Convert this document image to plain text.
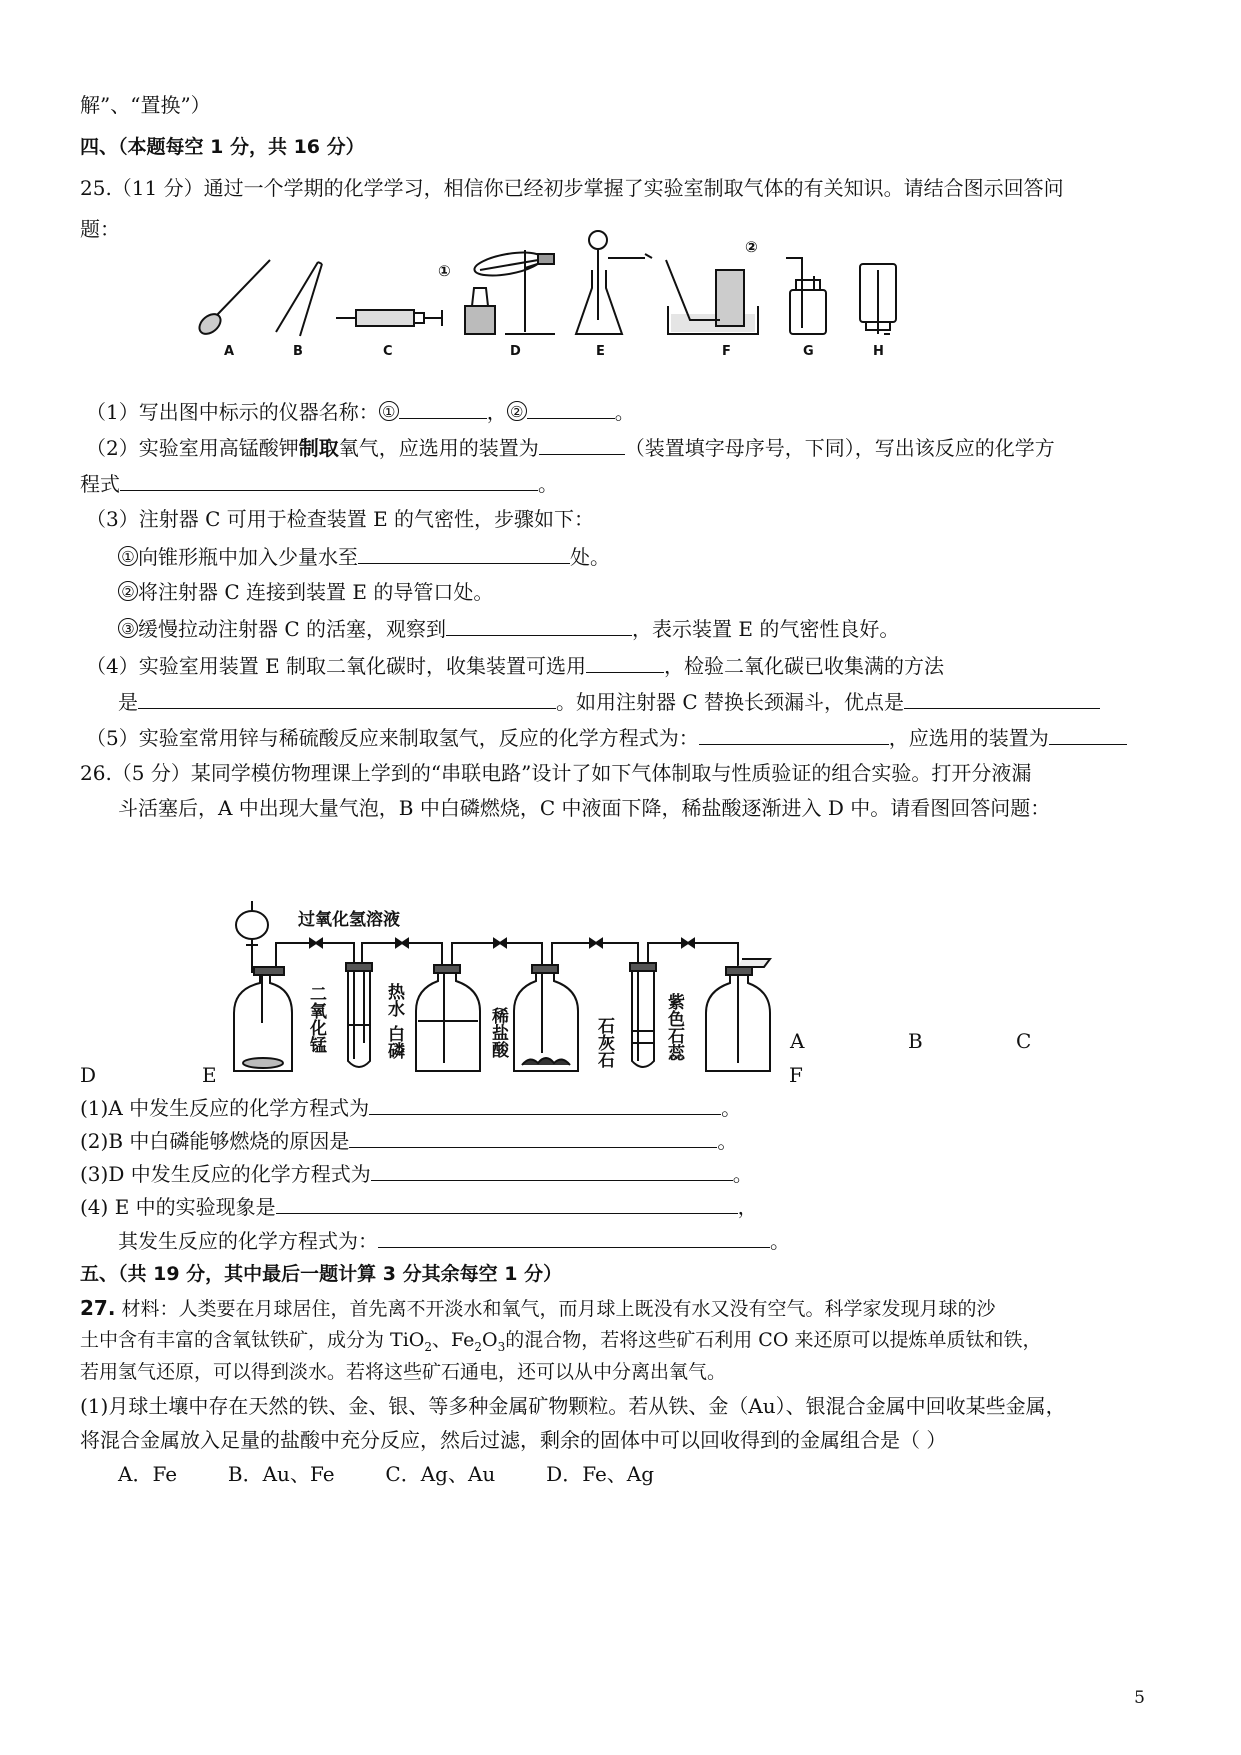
解”、“置换”）
四、（本题每空 1 分，共 16 分）
25.（11 分）通过一个学期的化学学习，相信你已经初步掌握了实验室制取气体的有关知识。请结合图示回答问
题：
A	B	C	D	E	F	G	H
①
②
（1）写出图中标示的仪器名称： ①	， ②	。
（2）实验室用高锰酸钾制取氧气，应选用的装置为	（装置填字母序号，下同），写出该反应的化学方
程式	。
（3）注射器 C 可用于检查装置 E 的气密性，步骤如下：
① 向锥形瓶中加入少量水至	处。
② 将注射器 C 连接到装置 E 的导管口处。
③ 缓慢拉动注射器 C 的活塞，观察到	，表示装置 E 的气密性良好。
（4）实验室用装置 E 制取二氧化碳时，收集装置可选用	，检验二氧化碳已收集满的方法
是	。如用注射器 C 替换长颈漏斗，优点是
（5）实验室常用锌与稀硫酸反应来制取氢气，反应的化学方程式为：	，应选用的装置为
26.（5 分）某同学模仿物理课上学到的“串联电路”设计了如下气体制取与性质验证的组合实验。打开分液漏
斗活塞后，A 中出现大量气泡，B 中白磷燃烧，C 中液面下降，稀盐酸逐渐进入 D 中。请看图回答问题：
过氧化氢溶液
二氧化锰	热水
白磷	稀盐酸	石灰石	紫色石蕊	A	B	C
D	E	F
(1)A 中发生反应的化学方程式为	。
(2)B 中白磷能够燃烧的原因是	。
(3)D 中发生反应的化学方程式为	。
(4) E 中的实验现象是	，
其发生反应的化学方程式为：	。
五、（共 19 分，其中最后一题计算 3 分其余每空 1 分）
27. 材料：人类要在月球居住，首先离不开淡水和氧气，而月球上既没有水又没有空气。科学家发现月球的沙
土中含有丰富的含氧钛铁矿，成分为 TiO$_2$、$Fe_2O_3$的混合物，若将这些矿石利用 CO 来还原可以提炼单质钛和铁，
若用氢气还原，可以得到淡水。若将这些矿石通电，还可以从中分离出氧气。
(1)月球土壤中存在天然的铁、金、银、等多种金属矿物颗粒。若从铁、金（Au）、银混合金属中回收某些金属，
将混合金属放入足量的盐酸中充分反应，然后过滤，剩余的固体中可以回收得到的金属组合是（ ）
A．Fe        B．Au、Fe        C．Ag、Au        D．Fe、Ag
5
